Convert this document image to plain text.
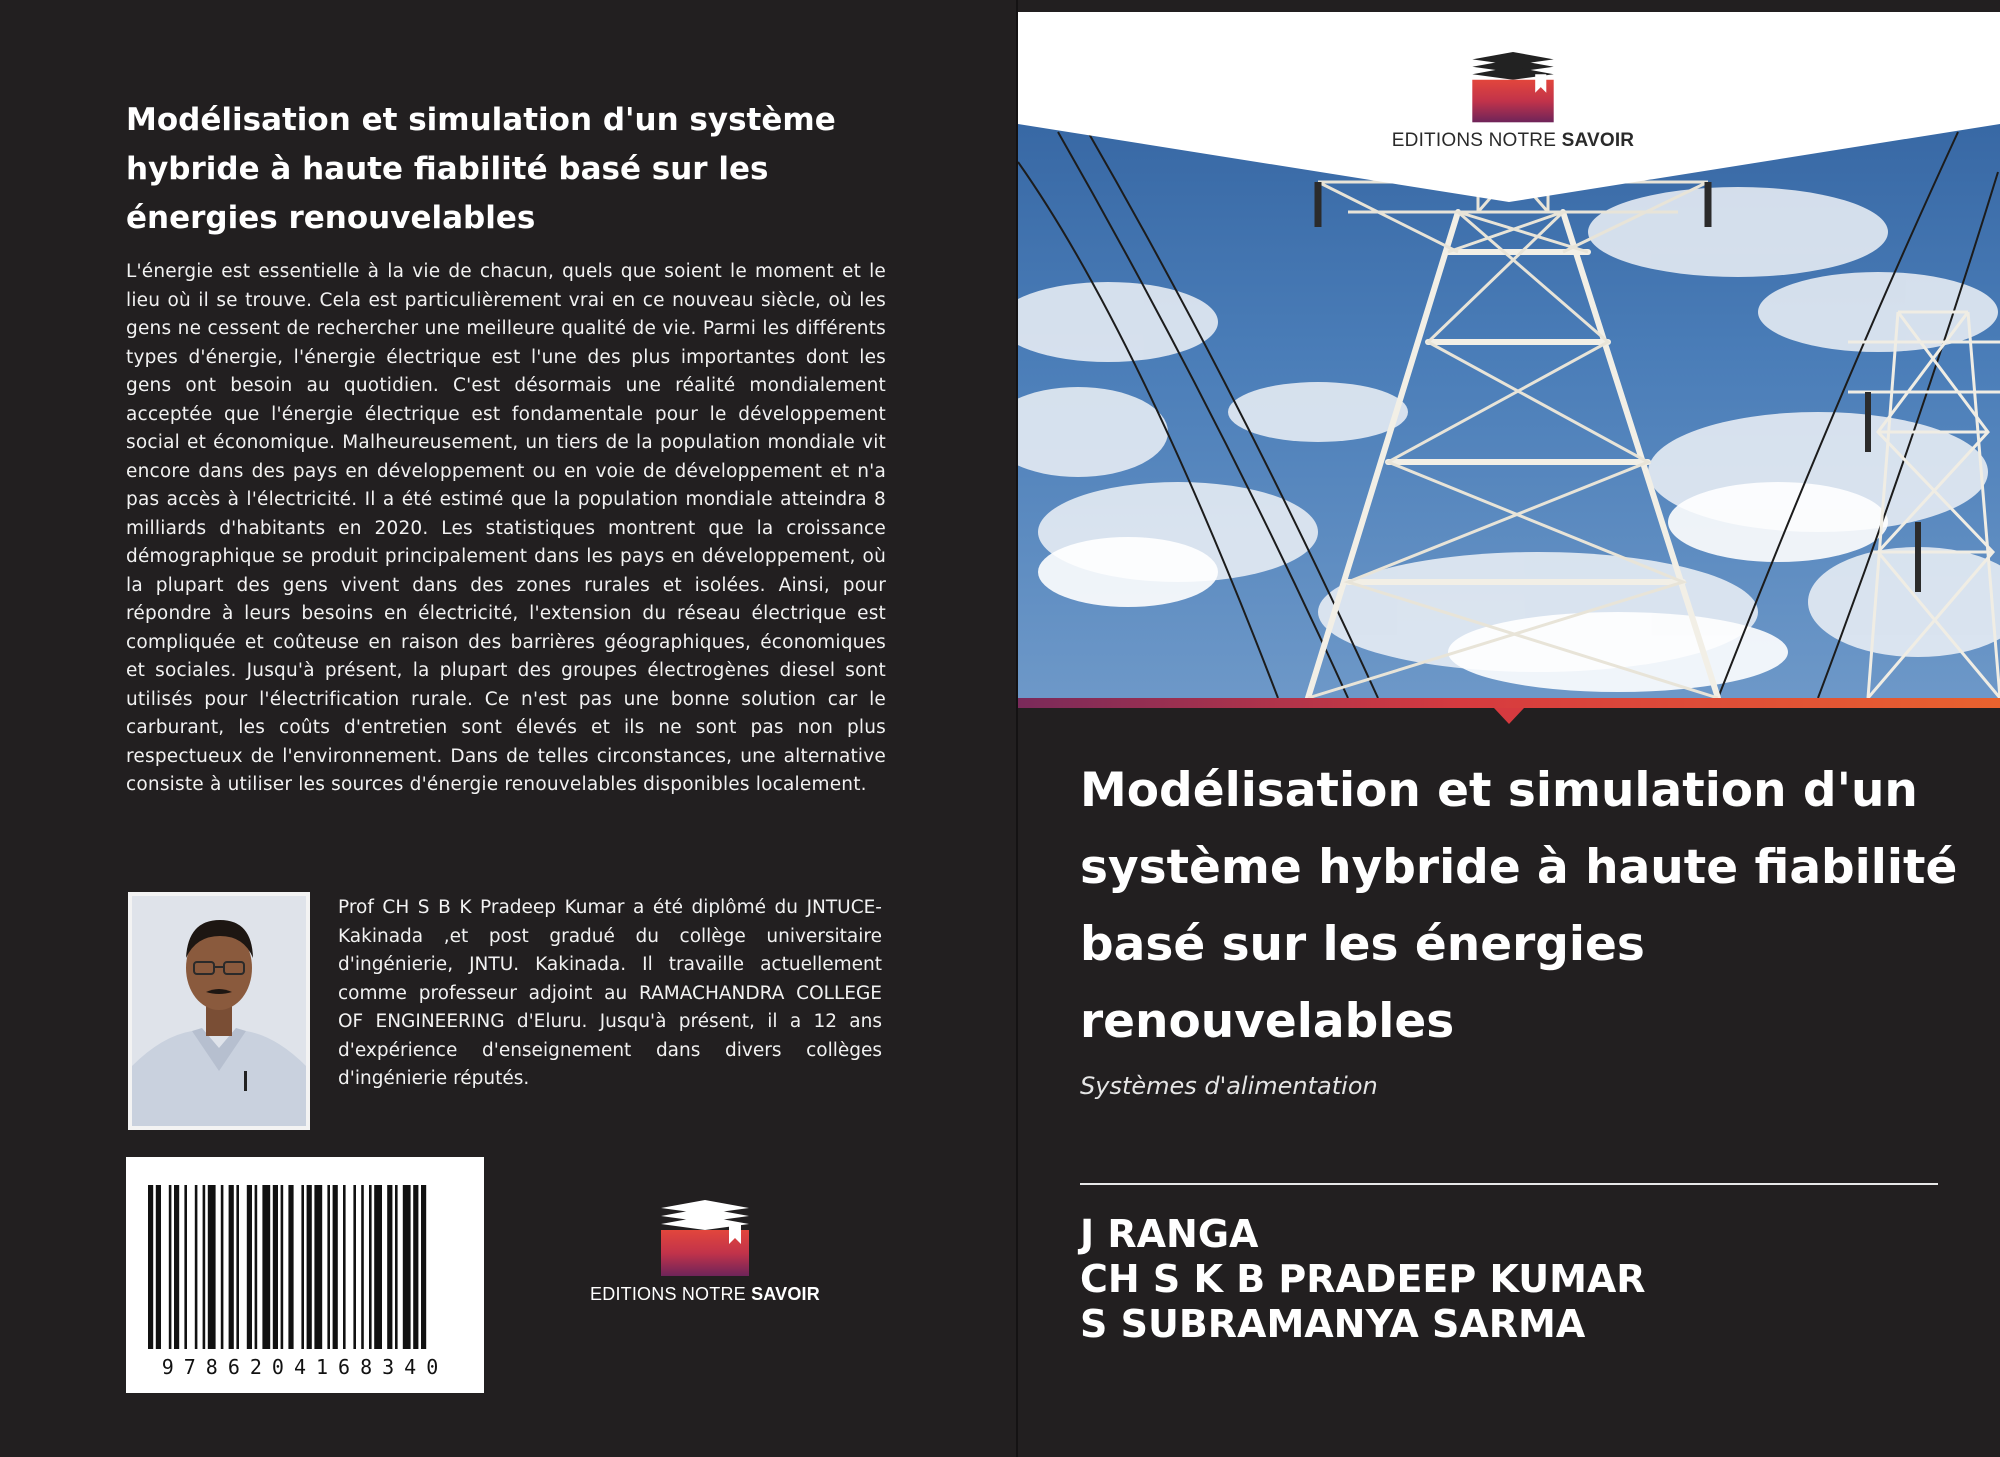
Modélisation et simulation d'un système hybride à haute fiabilité basé sur les énergies renouvelables
L'énergie est essentielle à la vie de chacun, quels que soient le moment et le lieu où il se trouve. Cela est particulièrement vrai en ce nouveau siècle, où les gens ne cessent de rechercher une meilleure qualité de vie. Parmi les différents types d'énergie, l'énergie électrique est l'une des plus importantes dont les gens ont besoin au quotidien. C'est désormais une réalité mondialement acceptée que l'énergie électrique est fondamentale pour le développement social et économique. Malheureusement, un tiers de la population mondiale vit encore dans des pays en développement ou en voie de développement et n'a pas accès à l'électricité. Il a été estimé que la population mondiale atteindra 8 milliards d'habitants en 2020. Les statistiques montrent que la croissance démographique se produit principalement dans les pays en développement, où la plupart des gens vivent dans des zones rurales et isolées. Ainsi, pour répondre à leurs besoins en électricité, l'extension du réseau électrique est compliquée et coûteuse en raison des barrières géographiques, économiques et sociales. Jusqu'à présent, la plupart des groupes électrogènes diesel sont utilisés pour l'électrification rurale. Ce n'est pas une bonne solution car le carburant, les coûts d'entretien sont élevés et ils ne sont pas non plus respectueux de l'environnement. Dans de telles circonstances, une alternative consiste à utiliser les sources d'énergie renouvelables disponibles localement.
Prof CH S B K Pradeep Kumar a été diplômé du JNTUCE-Kakinada ,et post gradué du collège universitaire d'ingénierie, JNTU. Kakinada. Il travaille actuellement comme professeur adjoint au RAMACHANDRA COLLEGE OF ENGINEERING d'Eluru. Jusqu'à présent, il a 12 ans d'expérience d'enseignement dans divers collèges d'ingénierie réputés.
9786204168340
EDITIONS NOTRE SAVOIR
EDITIONS NOTRE SAVOIR
Modélisation et simulation d'un système hybride à haute fiabilité basé sur les énergies renouvelables
Systèmes d'alimentation
J RANGA
CH S K B PRADEEP KUMAR
S SUBRAMANYA SARMA
